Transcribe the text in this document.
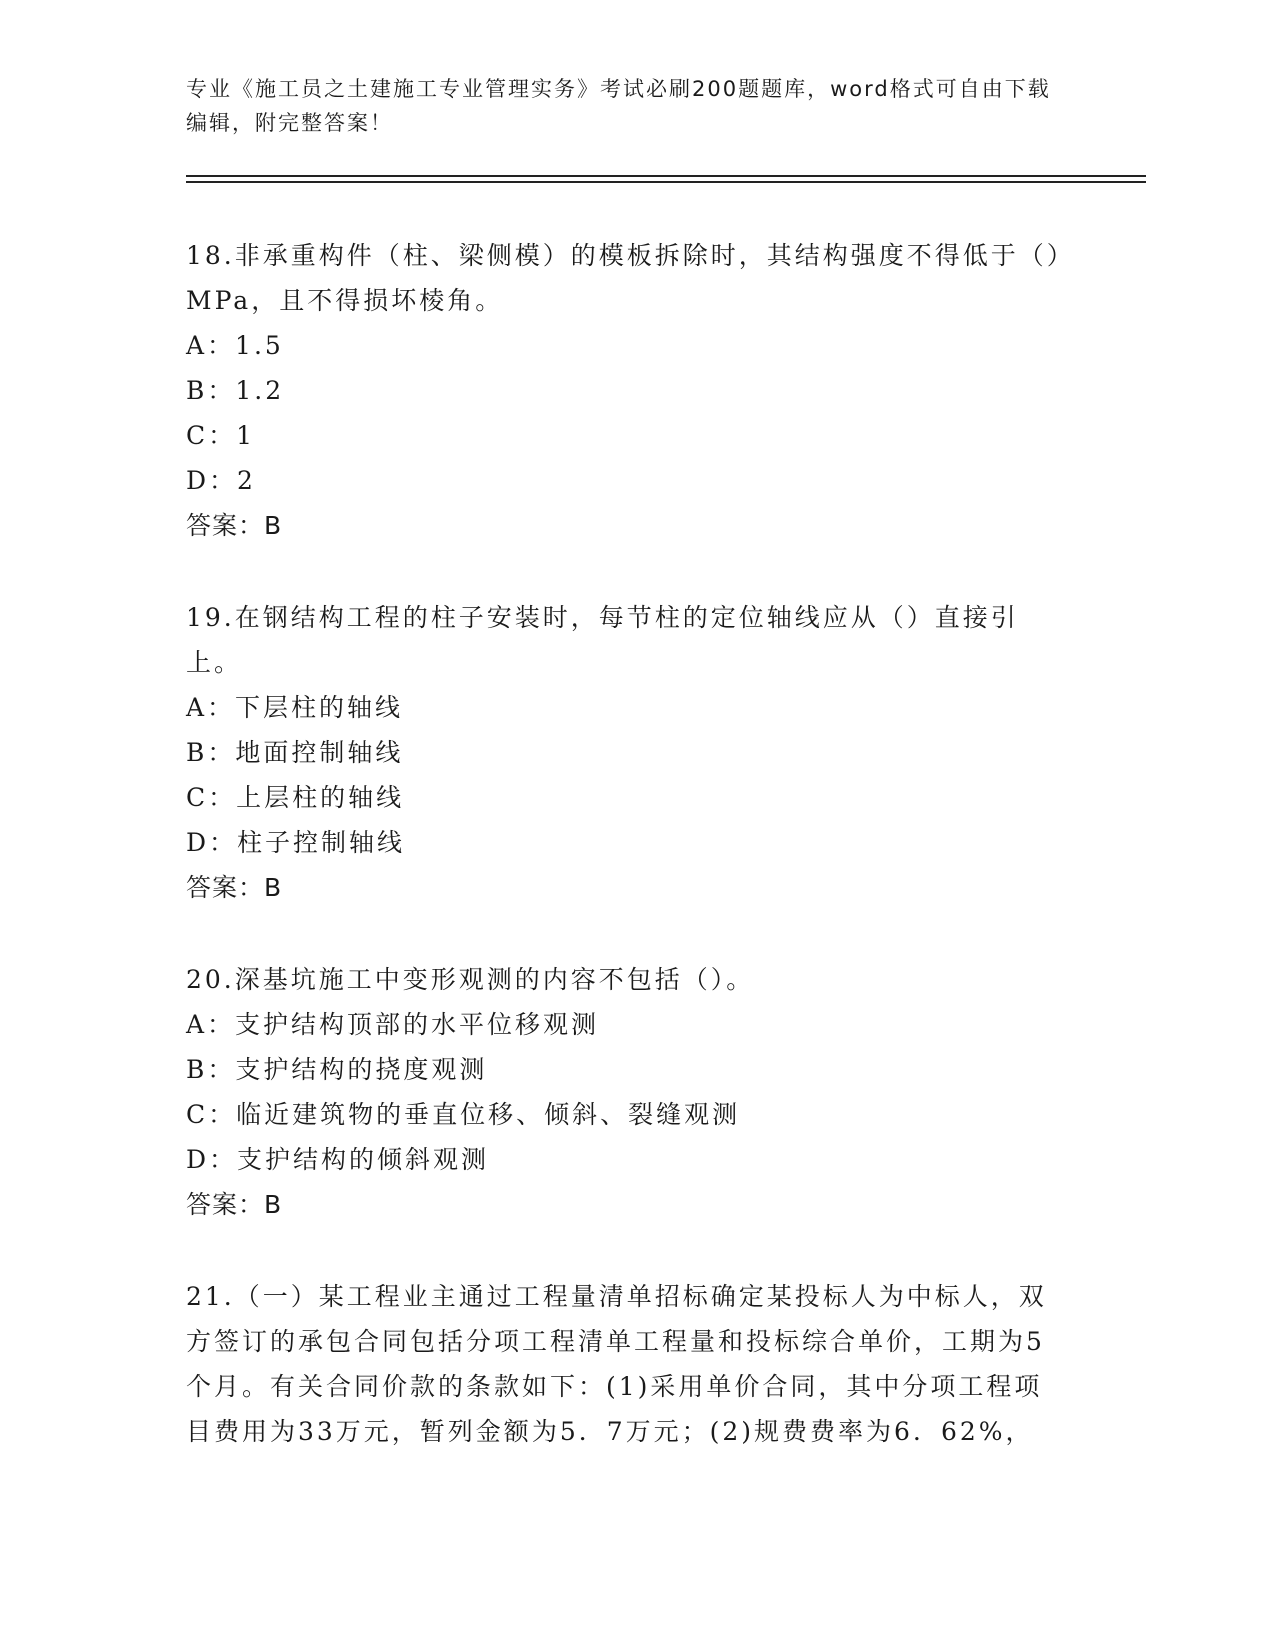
专业《施工员之土建施工专业管理实务》考试必刷200题题库，word格式可自由下载编辑，附完整答案！
18.非承重构件（柱、梁侧模）的模板拆除时，其结构强度不得低于（）MPa，且不得损坏棱角。
A：1.5
B：1.2
C：1
D：2
答案：B
19.在钢结构工程的柱子安装时，每节柱的定位轴线应从（）直接引上。
A：下层柱的轴线
B：地面控制轴线
C：上层柱的轴线
D：柱子控制轴线
答案：B
20.深基坑施工中变形观测的内容不包括（）。
A：支护结构顶部的水平位移观测
B：支护结构的挠度观测
C：临近建筑物的垂直位移、倾斜、裂缝观测
D：支护结构的倾斜观测
答案：B
21.（一）某工程业主通过工程量清单招标确定某投标人为中标人，双方签订的承包合同包括分项工程清单工程量和投标综合单价，工期为5个月。有关合同价款的条款如下：(1)采用单价合同，其中分项工程项目费用为33万元，暂列金额为5．7万元；(2)规费费率为6．62%，
